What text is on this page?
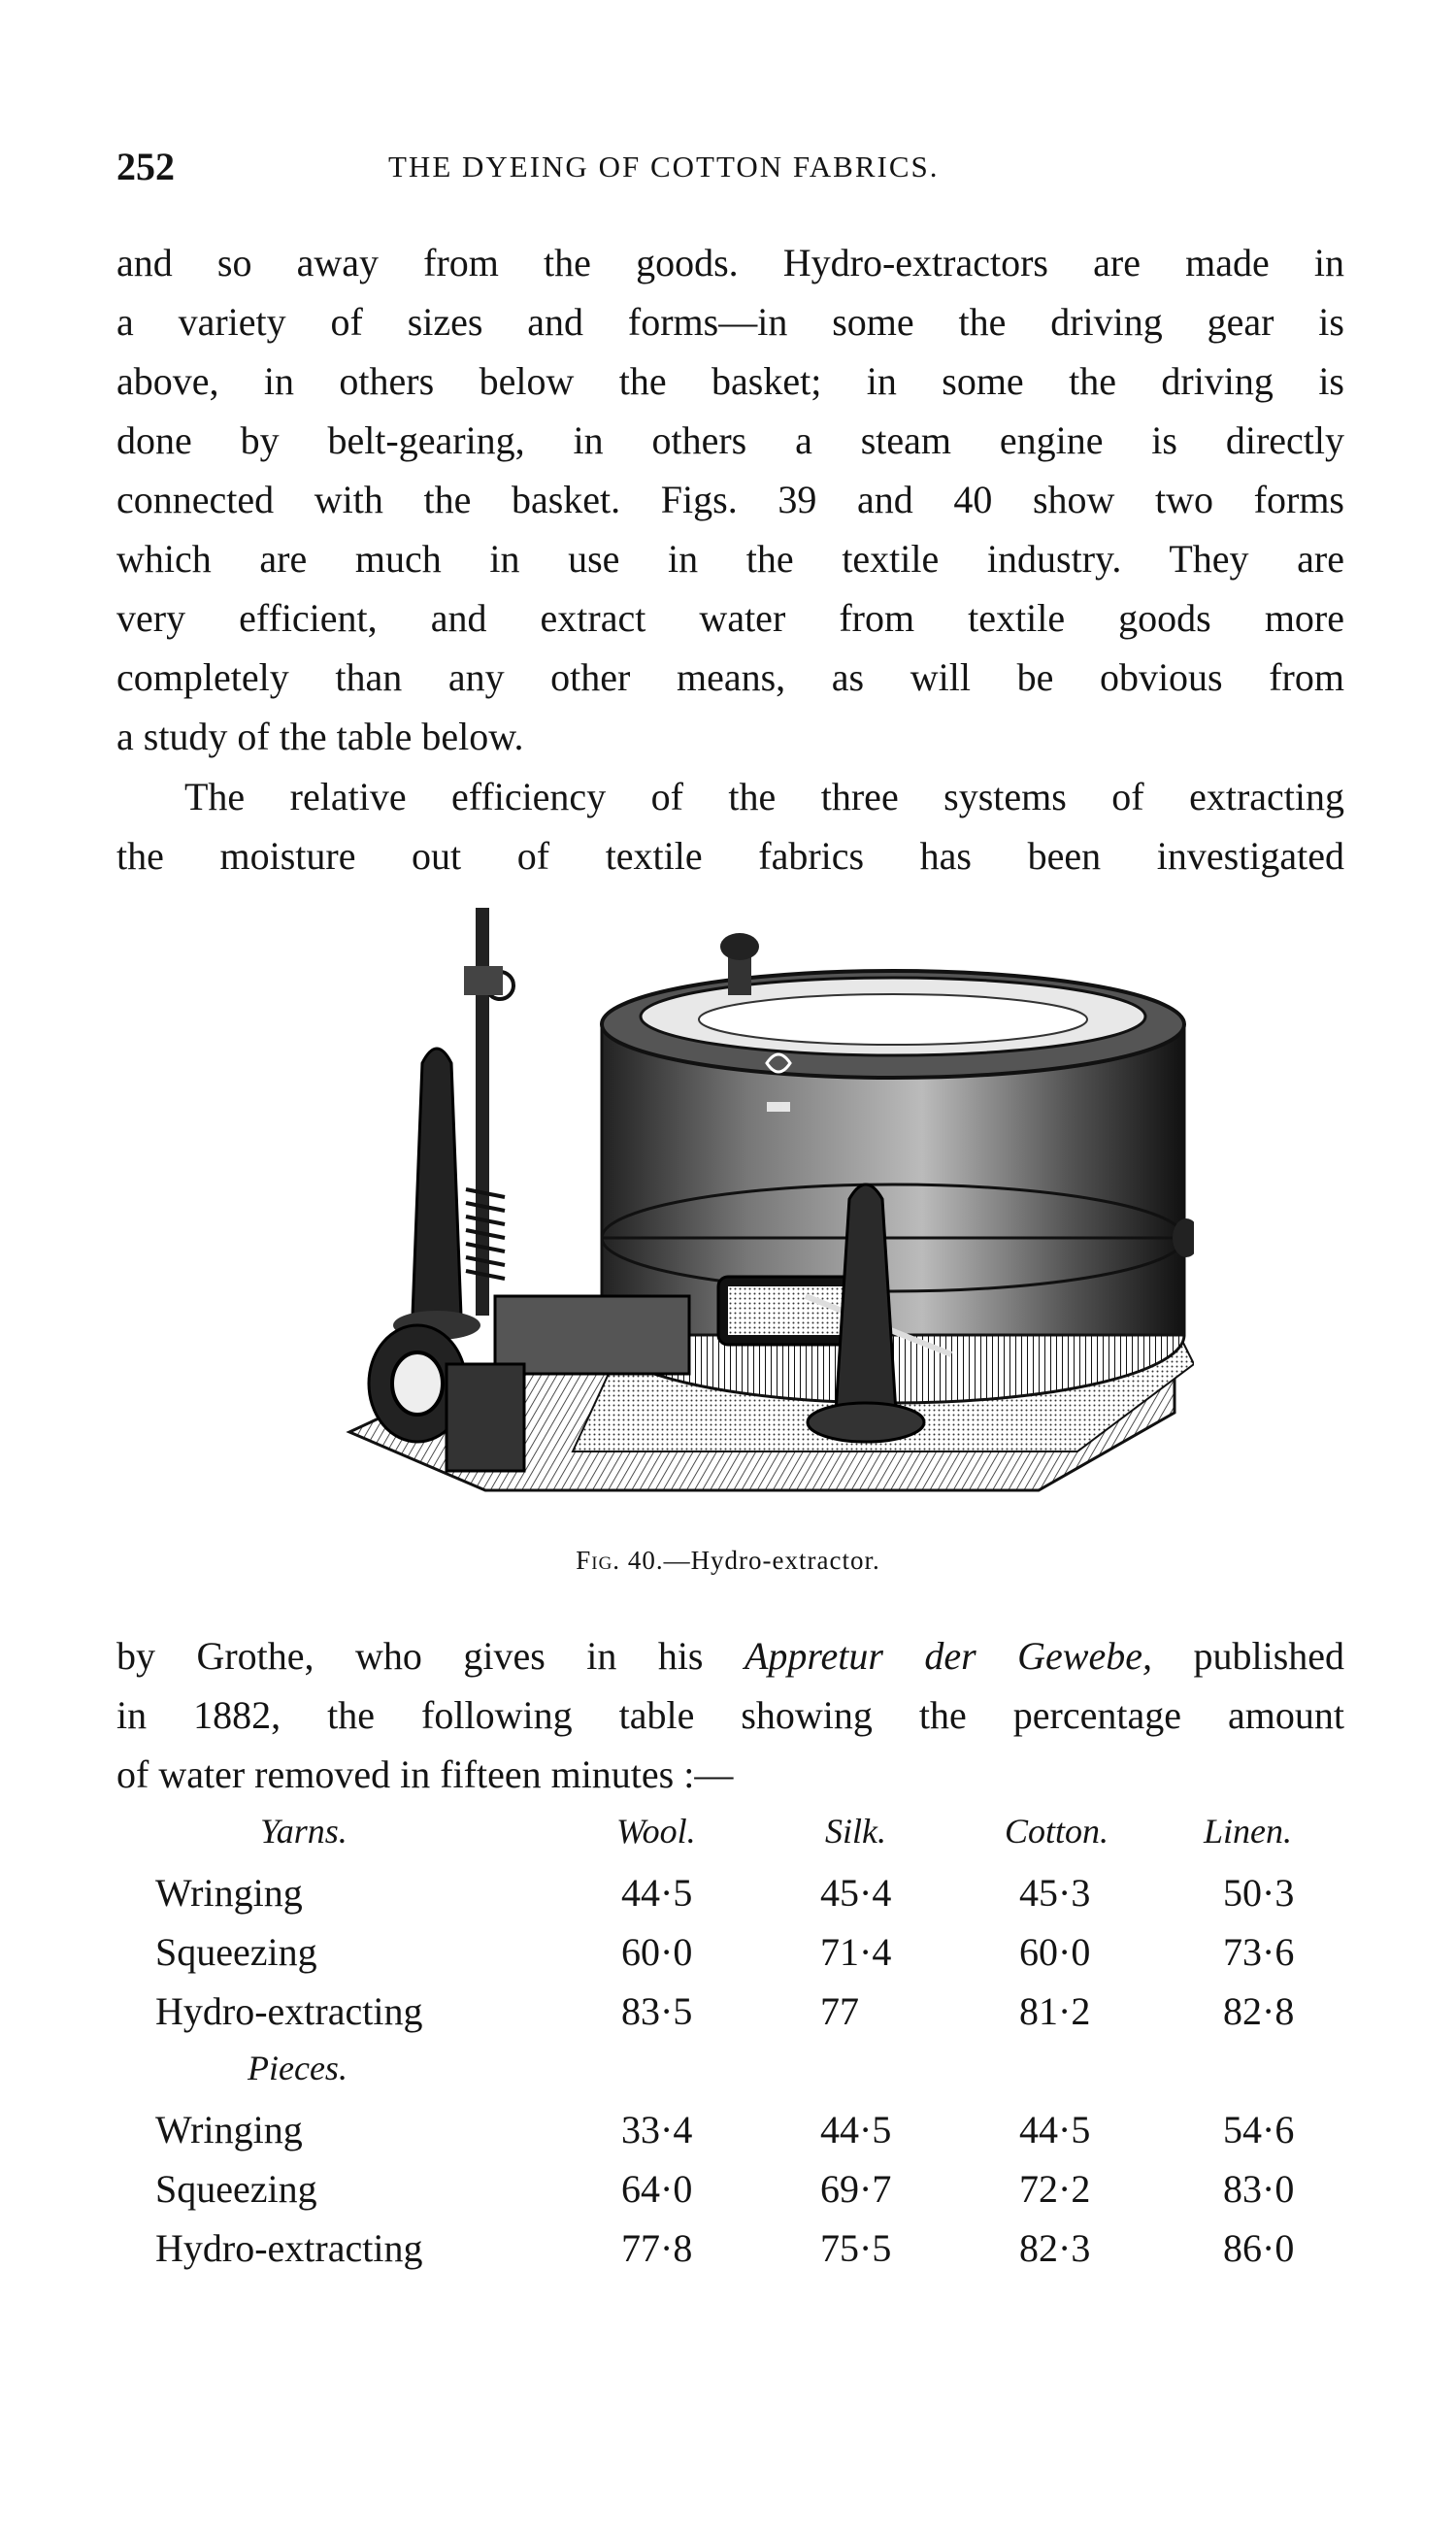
252	THE DYEING OF COTTON FABRICS.
and so away from the goods. Hydro-extractors are made in
a variety of sizes and forms—in some the driving gear is
above, in others below the basket; in some the driving is
done by belt-gearing, in others a steam engine is directly
connected with the basket. Figs. 39 and 40 show two forms
which are much in use in the textile industry. They are
very efficient, and extract water from textile goods more
completely than any other means, as will be obvious from
a study of the table below.
The relative efficiency of the three systems of extracting
the moisture out of textile fabrics has been investigated
Fig. 40.—Hydro-extractor.
by Grothe, who gives in his Appretur der Gewebe, published
in 1882, the following table showing the percentage amount
of water removed in fifteen minutes :—
Yarns.	Wool.	Silk.	Cotton.	Linen.
Wringing	44·5	45·4	45·3	50·3
Squeezing	60·0	71·4	60·0	73·6
Hydro-extracting	83·5	77	81·2	82·8
Pieces.
Wringing	33·4	44·5	44·5	54·6
Squeezing	64·0	69·7	72·2	83·0
Hydro-extracting	77·8	75·5	82·3	86·0
